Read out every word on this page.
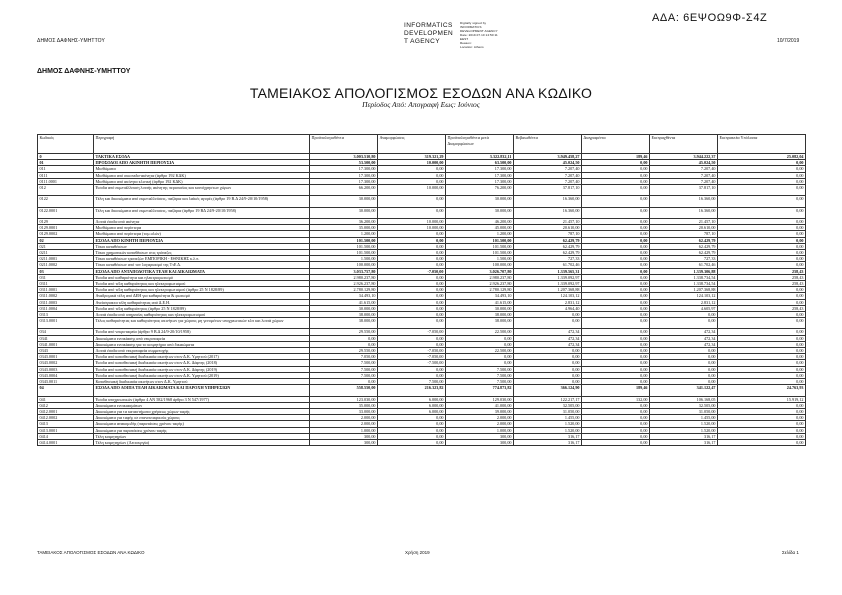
ΔΗΜΟΣ ΔΑΦΝΗΣ-ΥΜΗΤΤΟΥ	10/7/2019
ΑΔΑ: 6ΕΨΟΩ9Φ-Σ4Ζ
INFORMATICS
DEVELOPMEN
T AGENCY
Digitally signed by
INFORMATICS
DEVELOPMENT AGENCY
Date: 2019.07.10 14:50:11
EEST
Reason:
Location: Athens
ΔΗΜΟΣ ΔΑΦΝΗΣ-ΥΜΗΤΤΟΥ
ΤΑΜΕΙΑΚΟΣ ΑΠΟΛΟΓΙΣΜΟΣ ΕΣΟΔΩΝ ΑΝΑ ΚΩΔΙΚΟ
Περίοδος Από: Απογραφή Εως: Ιούνιος
Κωδικός	Περιγραφή	Προϋπολογισθέντα	Αναμορφώσεις	Προϋπολογισθέντα μετά Διαμορφώσεων	Βεβαιωθέντα	Διαγραφέντα	Εισπραχθέντα	Εισπρακτέα Υπόλοιπα
0	ΤΑΚΤΙΚΑ ΕΣΟΔΑ	3.003.510,80	319.321,29	3.322.832,11	3.949.458,27	189,46	3.944.222,37	25.082,04
01	ΠΡΟΣΟΔΟΙ ΑΠΟ ΑΚΙΝΗΤΗ ΠΕΡΙΟΥΣΙΑ	53.500,00	10.000,00	63.500,00	45.024,50	0,00	45.024,50	0,00
011	Μισθώματα	17.300,00	0,00	17.300,00	7.207,40	0,00	7.207,40	0,00
0111	Μισθώματα από οικοπεδα-ακίνητα (άρθρο 192 ΚΔΚ)	17.300,00	0,00	17.300,00	7.207,40	0,00	7.207,40	0,00
0111.0001	Μισθώματα από ακίνητα κλινική (άρθρο 192 ΚΔΚ)	17.300,00	0,00	17.300,00	7.207,40	0,00	7.207,40	0,00
012	Έσοδα από εκμετάλλευση λοιπής ακίνητης περιουσίας και κοινόχρηστων χώρων	66.200,00	10.000,00	76.200,00	37.817,10	0,00	37.817,10	0,00
0122	Τέλη και δικαιώματα από εκμεταλλεύσεις, παζάρια και λαϊκές αγορές (άρθρο 19 Β.Δ 24/9-20/10/1958)	30.000,00	0,00	30.000,00	16.360,00	0,00	16.360,00	0,00
0122.0001	Τέλη και δικαιώματα από εκμεταλλευσεις, παζάρια (άρθρο 19 ΒΔ 24/9-20/10/1958)	30.000,00	0,00	30.000,00	16.360,00	0,00	16.360,00	0,00
0129	Λοιπά έσοδα από ακίνητα	36.200,00	10.000,00	46.200,00	21.457,10	0,00	21.457,10	0,00
0129.0001	Μισθώματα από περίπτερα	35.000,00	10.000,00	45.000,00	20.610,00	0,00	20.610,00	0,00
0129.0002	Μισθώματα από περίπτερα (τομ.υλών)	1.200,00	0,00	1.200,00	787,10	0,00	787,10	0,00
02	ΕΣΟΔΑ ΑΠΟ ΚΙΝΗΤΗ ΠΕΡΙΟΥΣΙΑ	101.500,00	0,00	101.500,00	62.429,79	0,00	62.429,79	0,00
021	Τόκοι καταθέσεων	101.500,00	0,00	101.500,00	62.429,79	0,00	62.429,79	0,00
0211	Τόκοι χρηματικών καταθέσεων στις τράπεζες	101.500,00	0,00	101.500,00	62.429,79	0,00	62.429,79	0,00
0211.0001	Τόκοι καταθέσεων τραπεζών ΕΜΠΟΡΙΚΗ - ΕΘΝΙΚΗΣ κ.λ.π.	1.500,00	0,00	1.500,00	727,33	0,00	727,33	0,00
0211.0002	Τόκοι καταθέσεων από τον λογαριασμό της ΤτΕ Δ.	100.000,00	0,00	100.000,00	61.702,46	0,00	61.702,46	0,00
03	ΕΣΟΔΑ ΑΠΟ ΑΝΤΑΠΟΔΟΤΙΚΑ ΤΕΛΗ ΚΑΙ ΔΙΚΑΙΩΜΑΤΑ	3.033.757,80	-7.050,00	3.026.707,80	1.339.565,31	0,00	1.339.306,88	258,43
031	Έσοδα από καθαριότητα και ηλεκτροφωτισμό	2.980.237,80	0,00	2.980.237,80	1.339.092,97	0,00	1.338.734,54	258,43
0311	Έσοδα από τέλη καθαριότητας και ηλεκτροφωτισμού	2.926.237,80	0,00	2.926.237,80	1.339.092,97	0,00	1.338.734,54	258,43
0311.0001	Έσοδα από τέλη καθαριότητας και ηλεκτροφωτισμού (άρθρο 25 Ν 1828/89)	2.780.129,80	0,00	2.780.129,80	1.207.368,88	0,00	1.207.368,88	0,00
0311.0002	Αναδρομικά τέλη από ΔΕΗ για καθαριότητα & φωτισμό	34.493,10	0,00	34.493,10	124.103,12	0,00	124.103,12	0,00
0311.0003	Ανείσπρακτα τέλη καθαριότητας από Δ.Ε.Η.	41.615,00	0,00	41.615,00	2.831,12	0,00	2.831,12	0,00
0311.0004	Έσοδα από τέλη καθαριότητας (άρθρο 25 Ν 1828/89)	30.000,00	0,00	30.000,00	4.964,40	0,00	4.605,97	258,43
0313	Λοιπά έσοδα από υπηρεσίες καθαριότητας και ηλεκτροφωτισμού	38.000,00	0,00	38.000,00	0,00	0,00	0,00	0,00
0313.0001	Τέλος καθαριότητας και καθαριότητας ακινήτων για χώρους μη γενομένων υποχρεωτικών κλπ και λοιπά χώρων	38.000,00	0,00	38.000,00	0,00	0,00	0,00	0,00
034	Έσοδα από νεκροταφεία (άρθρο 9 Β.Δ 24/9-20/10/1958)	29.550,00	-7.050,00	22.500,00	472,34	0,00	472,34	0,00
0341	Δικαιώματα ενοικίασης από νεκροταφεία	0,00	0,00	0,00	472,34	0,00	472,34	0,00
0341.0001	Δικαιώματα ενοικίασης για το κοιμητήριο από δικαιώματα	0,00	0,00	0,00	472,34	0,00	472,34	0,00
0343	Λοιπά έσοδα από νεκροταφεία συμμετοχής	29.550,00	-7.050,00	22.500,00	0,00	0,00	0,00	0,00
0343.0001	Έσοδα από καταθεσιακή διαδικασία ακινήτων στον Δ.Κ. Υμηττού (2017)	7.050,00	-7.050,00	0,00	0,00	0,00	0,00	0,00
0343.0002	Έσοδα από καταθεσιακή διαδικασία ακινήτων στον Δ.Κ. Δάφνης (2018)	7.500,00	-7.500,00	0,00	0,00	0,00	0,00	0,00
0343.0003	Έσοδα από καταθεσιακή διαδικασία ακινήτων στον Δ.Κ. Δάφνης (2019)	7.500,00	0,00	7.500,00	0,00	0,00	0,00	0,00
0343.0004	Έσοδα από καταθεσιακή διαδικασία ακινήτων στον Δ.Κ. Υμηττού (2019)	7.500,00	0,00	7.500,00	0,00	0,00	0,00	0,00
0343.0011	Καταθεσιακή διαδικασία ακινήτων στον Δ.Κ. Υμηττού	0,00	7.500,00	7.500,00	0,00	0,00	0,00	0,00
04	ΕΣΟΔΑ ΑΠΟ ΛΟΙΠΑ ΤΕΛΗ ΔΙΚΑΙΩΜΑΤΑ ΚΑΙ ΠΑΡΟΧΗ ΥΠΗΡΕΣΙΩΝ	558.550,00	216.323,82	774.873,82	366.124,90	189,46	341.122,47	24.763,93
041	Έσοδα υποχρεωτικών (άρθρο 4 ΑΝ 582/1968 άρθρο 3 Ν 547/1977)	123.030,00	6.000,00	129.030,00	122.217,17	132,00	106.168,05	15.919,12
0412	Δικαιώματα ενοικιασμάτων	35.000,00	6.000,00	41.000,00	32.505,00	0,00	32.505,00	0,00
0412.0001	Δικαιώματα για τα καταστήματα χρήσεως χώρων ταφής	33.000,00	6.000,00	39.000,00	31.050,00	0,00	31.050,00	0,00
0412.0002	Δικαιώματα για ταφής σε επανεκταφικούς χώρους	2.000,00	0,00	2.000,00	1.455,00	0,00	1.455,00	0,00
0413	Δικαιώματα ανακομιδής (παρατάσεις χρόνου ταφής)	2.000,00	0,00	2.000,00	1.520,00	0,00	1.520,00	0,00
0413.0001	Δικαιώματα για παρατάσεις χρόνου ταφής	1.000,00	0,00	1.000,00	1.520,00	0,00	1.520,00	0,00
0414	Τέλη κοιμητηρίων	300,00	0,00	300,00	316,17	0,00	316,17	0,00
0414.0001	Τέλη κοιμητηρίων (Λειτουργία)	300,00	0,00	300,00	316,17	0,00	316,17	0,00
ΤΑΜΕΙΑΚΟΣ ΑΠΟΛΟΓΙΣΜΟΣ ΕΣΟΔΩΝ ΑΝΑ ΚΩΔΙΚΟ	Χρήση 2019	Σελίδα 1
